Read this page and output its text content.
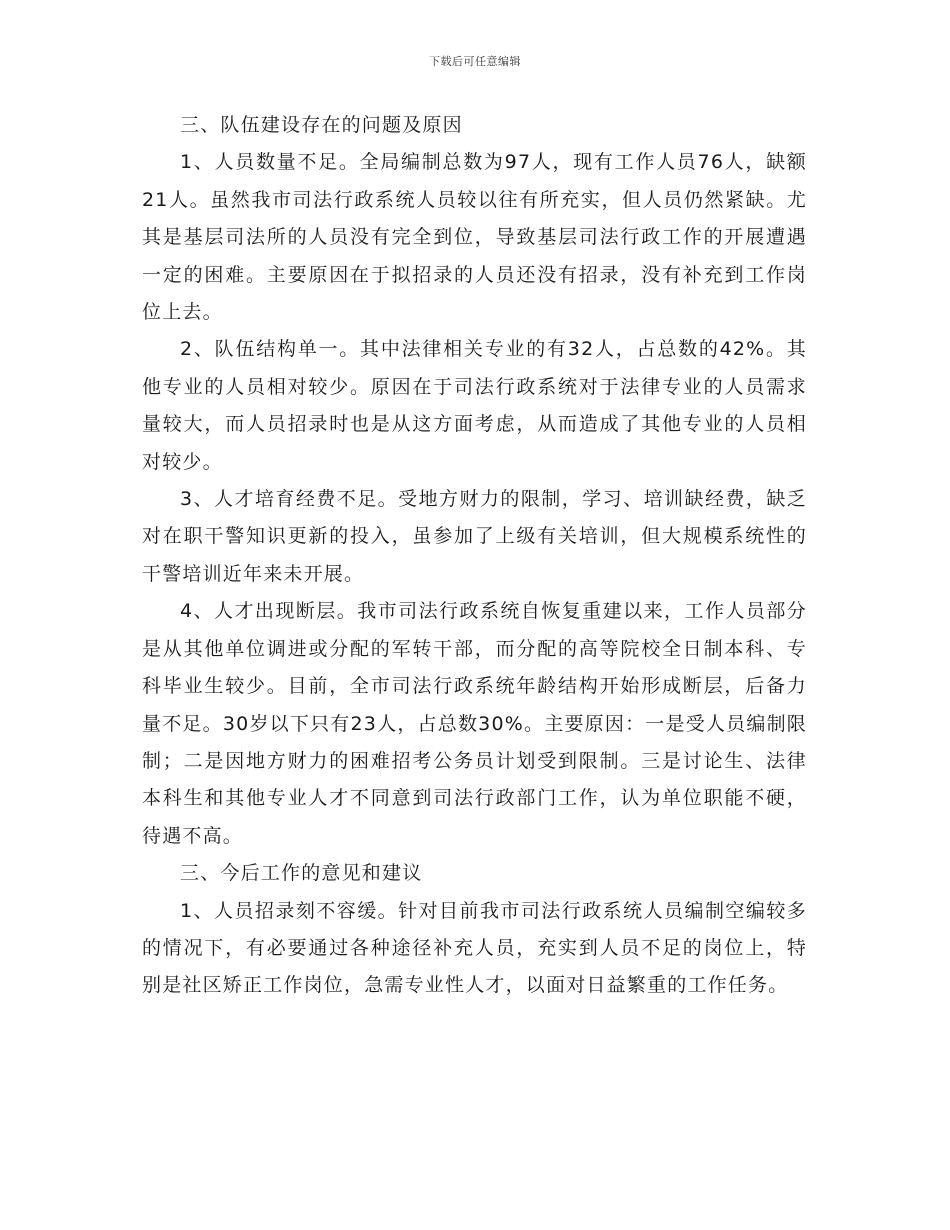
下载后可任意编辑

三、队伍建设存在的问题及原因

1、人员数量不足。全局编制总数为97人，现有工作人员76人，缺额21人。虽然我市司法行政系统人员较以往有所充实，但人员仍然紧缺。尤其是基层司法所的人员没有完全到位，导致基层司法行政工作的开展遭遇一定的困难。主要原因在于拟招录的人员还没有招录，没有补充到工作岗位上去。

2、队伍结构单一。其中法律相关专业的有32人，占总数的42%。其他专业的人员相对较少。原因在于司法行政系统对于法律专业的人员需求量较大，而人员招录时也是从这方面考虑，从而造成了其他专业的人员相对较少。

3、人才培育经费不足。受地方财力的限制，学习、培训缺经费，缺乏对在职干警知识更新的投入，虽参加了上级有关培训，但大规模系统性的干警培训近年来未开展。

4、人才出现断层。我市司法行政系统自恢复重建以来，工作人员部分是从其他单位调进或分配的军转干部，而分配的高等院校全日制本科、专科毕业生较少。目前，全市司法行政系统年龄结构开始形成断层，后备力量不足。30岁以下只有23人，占总数30%。主要原因：一是受人员编制限制；二是因地方财力的困难招考公务员计划受到限制。三是讨论生、法律本科生和其他专业人才不同意到司法行政部门工作，认为单位职能不硬，待遇不高。

三、今后工作的意见和建议

1、人员招录刻不容缓。针对目前我市司法行政系统人员编制空编较多的情况下，有必要通过各种途径补充人员，充实到人员不足的岗位上，特别是社区矫正工作岗位，急需专业性人才，以面对日益繁重的工作任务。
